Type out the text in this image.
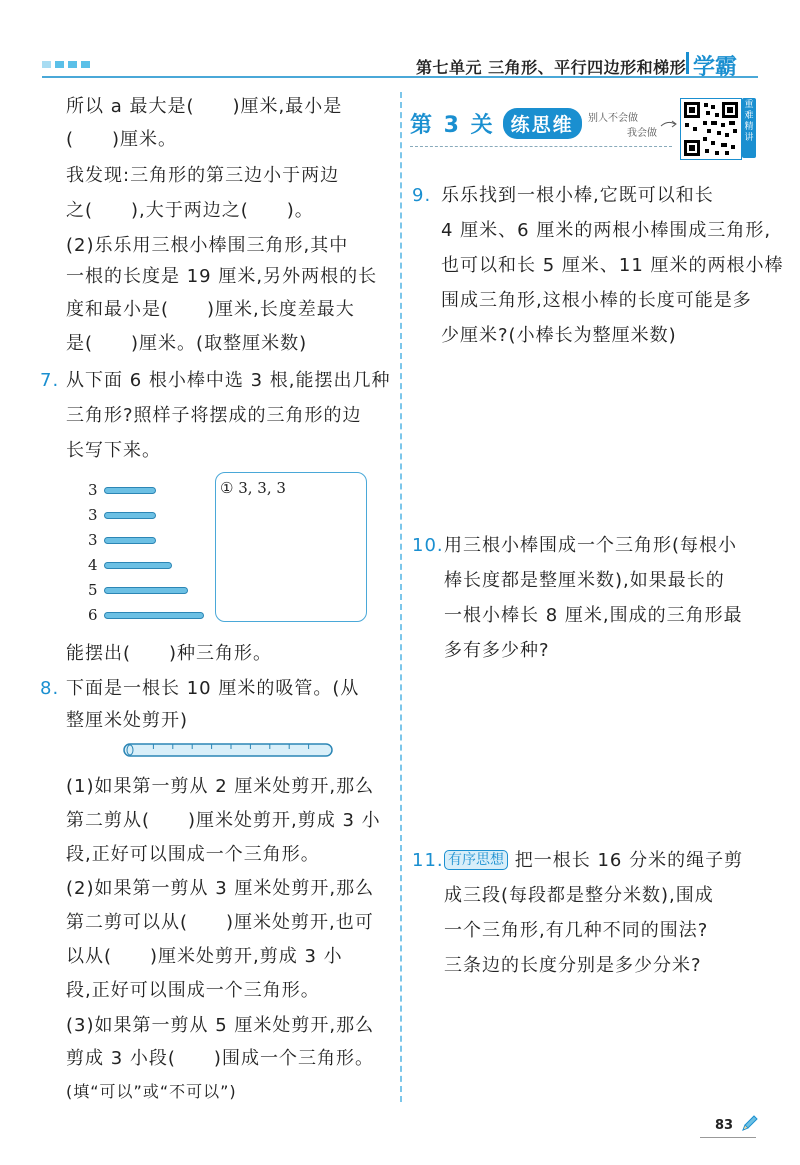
第七单元 三角形、平行四边形和梯形 学霸
所以 a 最大是(　　)厘米,最小是
(　　)厘米。
我发现:三角形的第三边小于两边
之(　　),大于两边之(　　)。
(2)乐乐用三根小棒围三角形,其中
一根的长度是 19 厘米,另外两根的长
度和最小是(　　)厘米,长度差最大
是(　　)厘米。(取整厘米数)
7. 从下面 6 根小棒中选 3 根,能摆出几种
三角形?照样子将摆成的三角形的边
长写下来。
3
3
3
4
5
6
① 3, 3, 3
能摆出(　　)种三角形。
8. 下面是一根长 10 厘米的吸管。(从
整厘米处剪开)
(1)如果第一剪从 2 厘米处剪开,那么
第二剪从(　　)厘米处剪开,剪成 3 小
段,正好可以围成一个三角形。
(2)如果第一剪从 3 厘米处剪开,那么
第二剪可以从(　　)厘米处剪开,也可
以从(　　)厘米处剪开,剪成 3 小
段,正好可以围成一个三角形。
(3)如果第一剪从 5 厘米处剪开,那么
剪成 3 小段(　　)围成一个三角形。
(填“可以”或“不可以”)
第 3 关 练思维	别人不会做
我会做
重难精讲
9. 乐乐找到一根小棒,它既可以和长
4 厘米、6 厘米的两根小棒围成三角形,
也可以和长 5 厘米、11 厘米的两根小棒
围成三角形,这根小棒的长度可能是多
少厘米?(小棒长为整厘米数)
10. 用三根小棒围成一个三角形(每根小
棒长度都是整厘米数),如果最长的
一根小棒长 8 厘米,围成的三角形最
多有多少种?
11. 有序思想 把一根长 16 分米的绳子剪
成三段(每段都是整分米数),围成
一个三角形,有几种不同的围法?
三条边的长度分别是多少分米?
83
